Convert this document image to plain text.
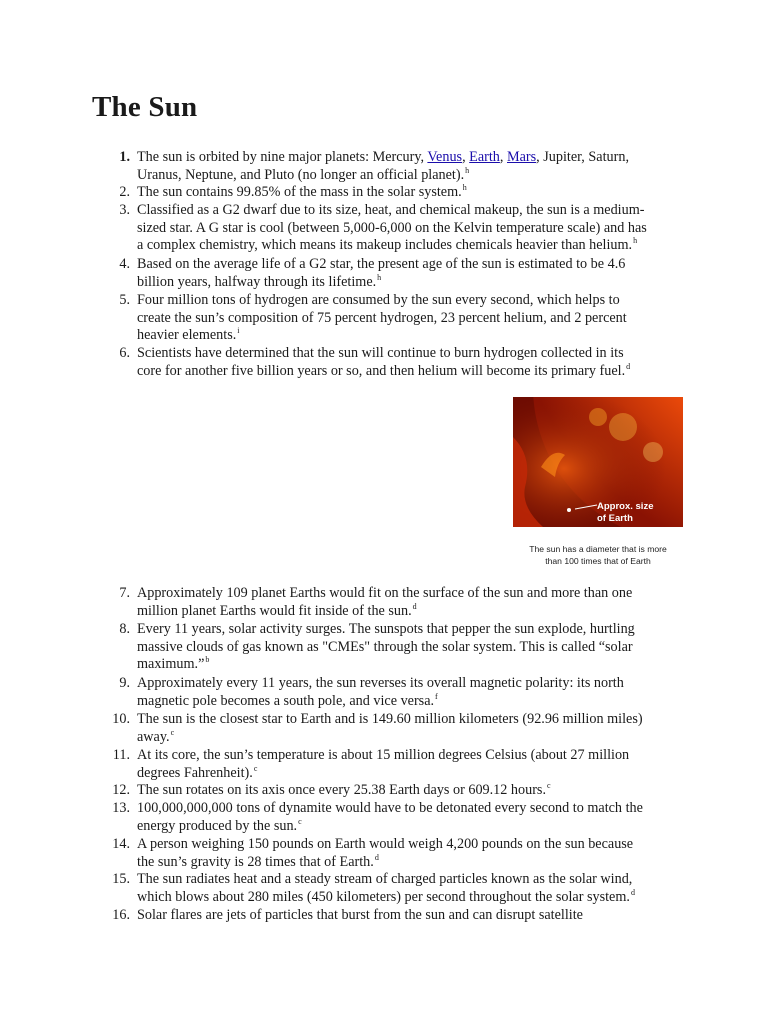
The Sun
1. The sun is orbited by nine major planets: Mercury, Venus, Earth, Mars, Jupiter, Saturn,
Uranus, Neptune, and Pluto (no longer an official planet).$^h$
2. The sun contains 99.85% of the mass in the solar system.$^h$
3. Classified as a G2 dwarf due to its size, heat, and chemical makeup, the sun is a medium-
sized star. A G star is cool (between 5,000-6,000 on the Kelvin temperature scale) and has
a complex chemistry, which means its makeup includes chemicals heavier than helium.$^h$
4. Based on the average life of a G2 star, the present age of the sun is estimated to be 4.6
billion years, halfway through its lifetime.$^h$
5. Four million tons of hydrogen are consumed by the sun every second, which helps to
create the sun’s composition of 75 percent hydrogen, 23 percent helium, and 2 percent
heavier elements.$^i$
6. Scientists have determined that the sun will continue to burn hydrogen collected in its
core for another five billion years or so, and then helium will become its primary fuel.$^d$
7. Approximately 109 planet Earths would fit on the surface of the sun and more than one
million planet Earths would fit inside of the sun.$^d$
8. Every 11 years, solar activity surges. The sunspots that pepper the sun explode, hurtling
massive clouds of gas known as "CMEs" through the solar system. This is called “solar
maximum.”$^b$
9. Approximately every 11 years, the sun reverses its overall magnetic polarity: its north
magnetic pole becomes a south pole, and vice versa.$^f$
10. The sun is the closest star to Earth and is 149.60 million kilometers (92.96 million miles)
away.$^c$
11. At its core, the sun’s temperature is about 15 million degrees Celsius (about 27 million
degrees Fahrenheit).$^c$
12. The sun rotates on its axis once every 25.38 Earth days or 609.12 hours.$^c$
13. 100,000,000,000 tons of dynamite would have to be detonated every second to match the
energy produced by the sun.$^c$
14. A person weighing 150 pounds on Earth would weigh 4,200 pounds on the sun because
the sun’s gravity is 28 times that of Earth.$^d$
15. The sun radiates heat and a steady stream of charged particles known as the solar wind,
which blows about 280 miles (450 kilometers) per second throughout the solar system.$^d$
16. Solar flares are jets of particles that burst from the sun and can disrupt satellite
Approx. size
of Earth
The sun has a diameter that is more
than 100 times that of Earth
